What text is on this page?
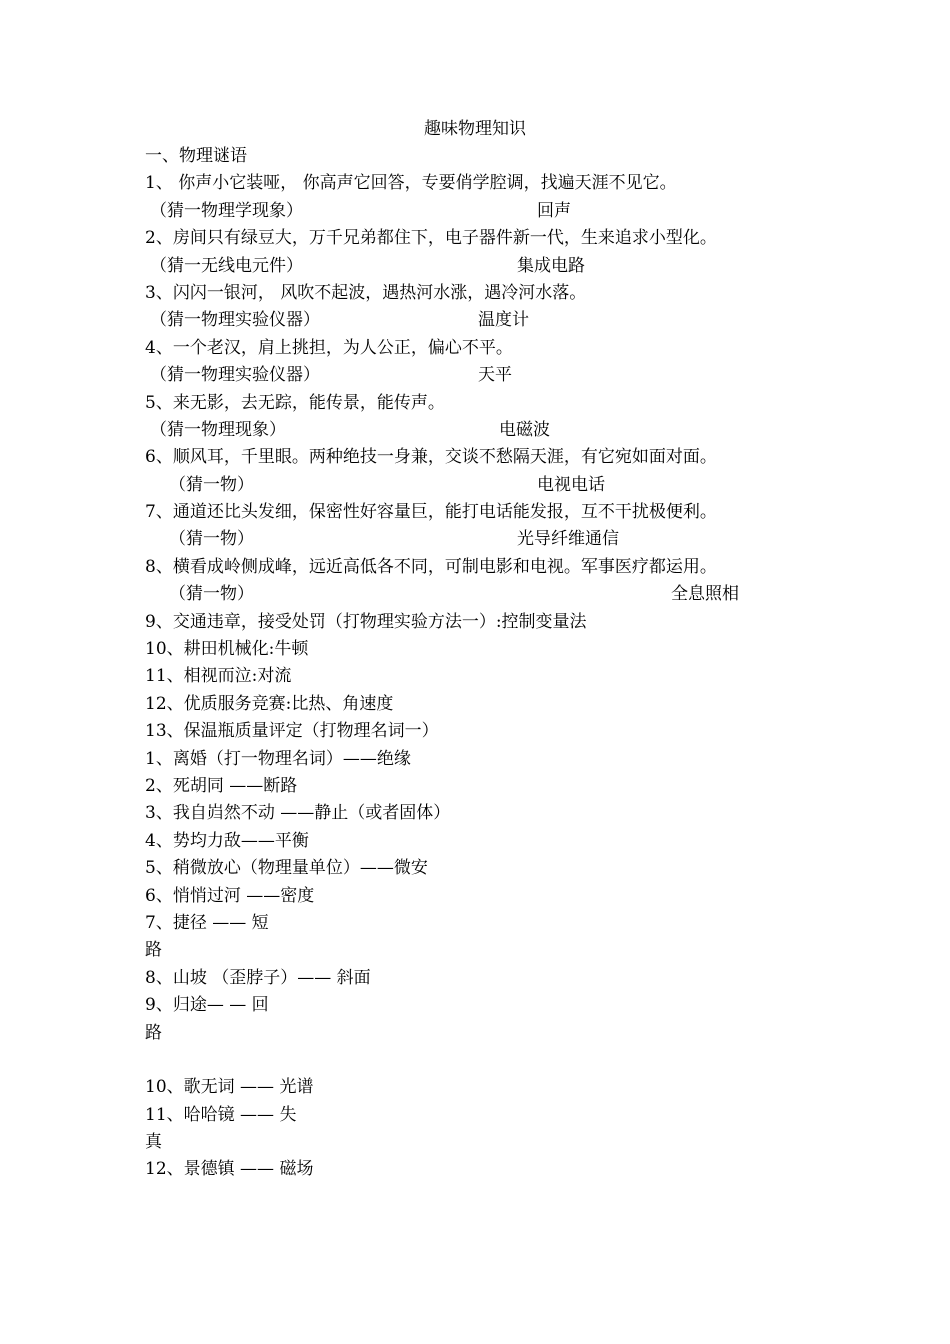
趣味物理知识
一、物理谜语
1、 你声小它装哑， 你高声它回答，专要俏学腔调，找遍天涯不见它。
（猜一物理学现象）	回声
2、房间只有绿豆大，万千兄弟都住下，电子器件新一代，生来追求小型化。
（猜一无线电元件）	集成电路
3、闪闪一银河， 风吹不起波，遇热河水涨，遇冷河水落。
（猜一物理实验仪器）	温度计
4、一个老汉，肩上挑担，为人公正，偏心不平。
（猜一物理实验仪器）	天平
5、来无影，去无踪，能传景，能传声。
（猜一物理现象）	电磁波
6、顺风耳，千里眼。两种绝技一身兼，交谈不愁隔天涯，有它宛如面对面。
（猜一物）	电视电话
7、通道还比头发细，保密性好容量巨，能打电话能发报，互不干扰极便利。
（猜一物）	光导纤维通信
8、横看成岭侧成峰，远近高低各不同，可制电影和电视。军事医疗都运用。
（猜一物）	全息照相
9、交通违章，接受处罚（打物理实验方法一）:控制变量法
10、耕田机械化:牛顿
11、相视而泣:对流
12、优质服务竞赛:比热、角速度
13、保温瓶质量评定（打物理名词一）
1、离婚（打一物理名词）——绝缘
2、死胡同 ——断路
3、我自岿然不动 ——静止（或者固体）
4、势均力敌——平衡
5、稍微放心（物理量单位）——微安
6、悄悄过河 ——密度
7、捷径 —— 短
路
8、山坡 （歪脖子）—— 斜面
9、归途— — 回
路
10、歌无词 —— 光谱
11、哈哈镜 —— 失
真
12、景德镇 —— 磁场
